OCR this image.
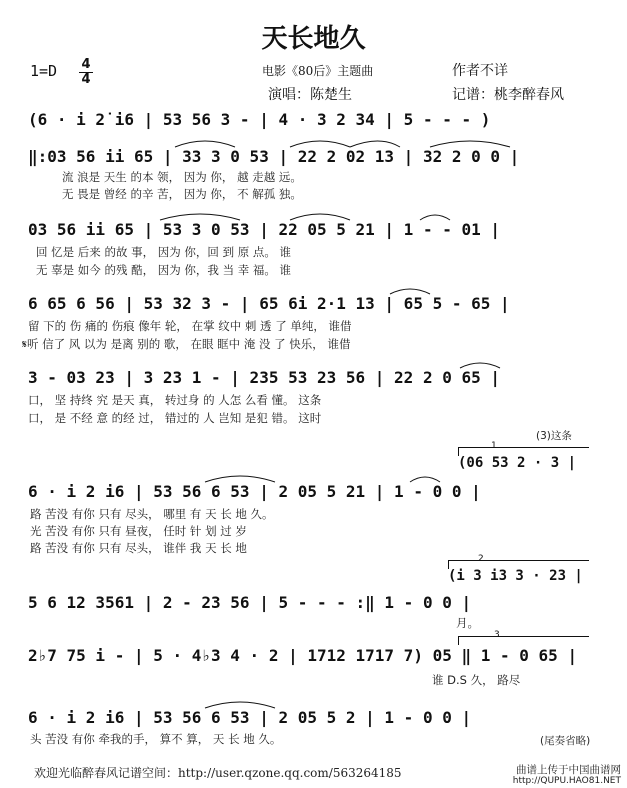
天长地久
1=D 4
4
电影《80后》主题曲	作者不详
演唱：陈楚生	记谱：桃李醉春风
(6 · i 2̇ i6 | 53 56 3 - | 4 · 3 2 34 | 5 - - - )
‖:03 56 ii 65 | 33 3 0 53 | 22 2 02 13 | 32 2 0 0 |
流 浪是 天生 的本 领， 因为 你， 越 走越 远。
无 畏是 曾经 的辛 苦， 因为 你， 不 解孤 独。
03 56 ii 65 | 53 3 0 53 | 22 05 5 21 | 1 - - 01 |
回 忆是 后来 的故 事， 因为 你，回 到 原 点。 谁
无 辜是 如今 的残 酷， 因为 你，我 当 幸 福。 谁
6 65 6 56 | 53 32 3 - | 65 6i 2·1 13 | 65 5 - 65 |
留 下的 伤 痛的 伤痕 像年 轮， 在掌 纹中 刺 透 了 单纯， 谁借
𝄋听 信了 风 以为 是离 别的 歌， 在眼 眶中 淹 没 了 快乐， 谁借
3 - 03 23 | 3 23 1 - | 235 53 23 56 | 22 2 0 65 |
口， 坚 持终 究 是天 真， 转过身 的 人怎 么看 懂。 这条
口， 是 不经 意 的经 过， 错过的 人 岂知 是犯 错。 这时
(3)这条
1
(06 53 2 · 3 |
6 · i 2 i6 | 53 56 6 53 | 2 05 5 21 | 1 - 0 0 |
路 苦没 有你 只有 尽头， 哪里 有 天 长 地 久。
光 苦没 有你 只有 昼夜， 任时 针 划 过 岁
路 苦没 有你 只有 尽头， 谁伴 我 天 长 地
2
(i 3 i3 3 · 23 |
5 6 12 3561 | 2 - 23 56 | 5 - - - :‖ 1 - 0 0 |
月。
3
2♭7 75 i - | 5 · 4♭3 4 · 2 | 1712 1717 7) 05 ‖ 1 - 0 65 |
谁 D.S 久， 路尽
6 · i 2 i6 | 53 56 6 53 | 2 05 5 2 | 1 - 0 0 |
头 苦没 有你 牵我的手， 算不 算， 天 长 地 久。	(尾奏省略)
欢迎光临醉春风记谱空间：http://user.qzone.qq.com/563264185	曲谱上传于中国曲谱网
http://QUPU.HAO81.NET
